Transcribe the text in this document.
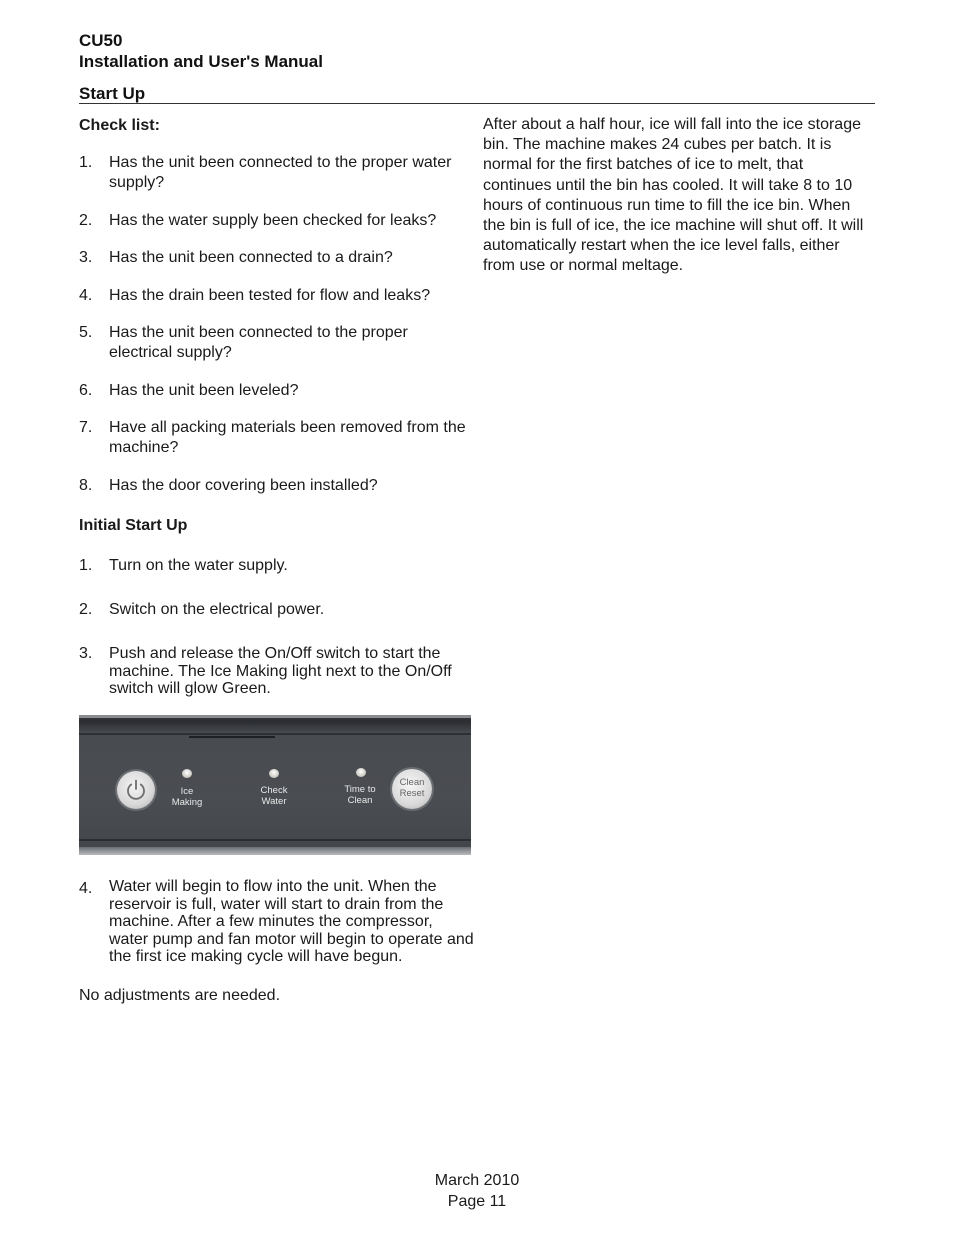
CU50
Installation and User's Manual
Start Up
Check list:
1. Has the unit been connected to the proper water supply?
2. Has the water supply been checked for leaks?
3. Has the unit been connected to a drain?
4. Has the drain been tested for flow and leaks?
5. Has the unit been connected to the proper electrical supply?
6. Has the unit been leveled?
7. Have all packing materials been removed from the machine?
8. Has the door covering been installed?
Initial Start Up
1. Turn on the water supply.
2. Switch on the electrical power.
3. Push and release the On/Off switch to start the machine. The Ice Making light next to the On/Off switch will glow Green.
Ice
Making
Check
Water
Time to
Clean
Clean
Reset
4. Water will begin to flow into the unit. When the reservoir is full, water will start to drain from the machine. After a few minutes the compressor, water pump and fan motor will begin to operate and the first ice making cycle will have begun.
No adjustments are needed.
After about a half hour, ice will fall into the ice storage bin. The machine makes 24 cubes per batch. It is normal for the first batches of ice to melt, that continues until the bin has cooled. It will take 8 to 10 hours of continuous run time to fill the ice bin. When the bin is full of ice, the ice machine will shut off. It will automatically restart when the ice level falls, either from use or normal meltage.
March 2010
Page 11
